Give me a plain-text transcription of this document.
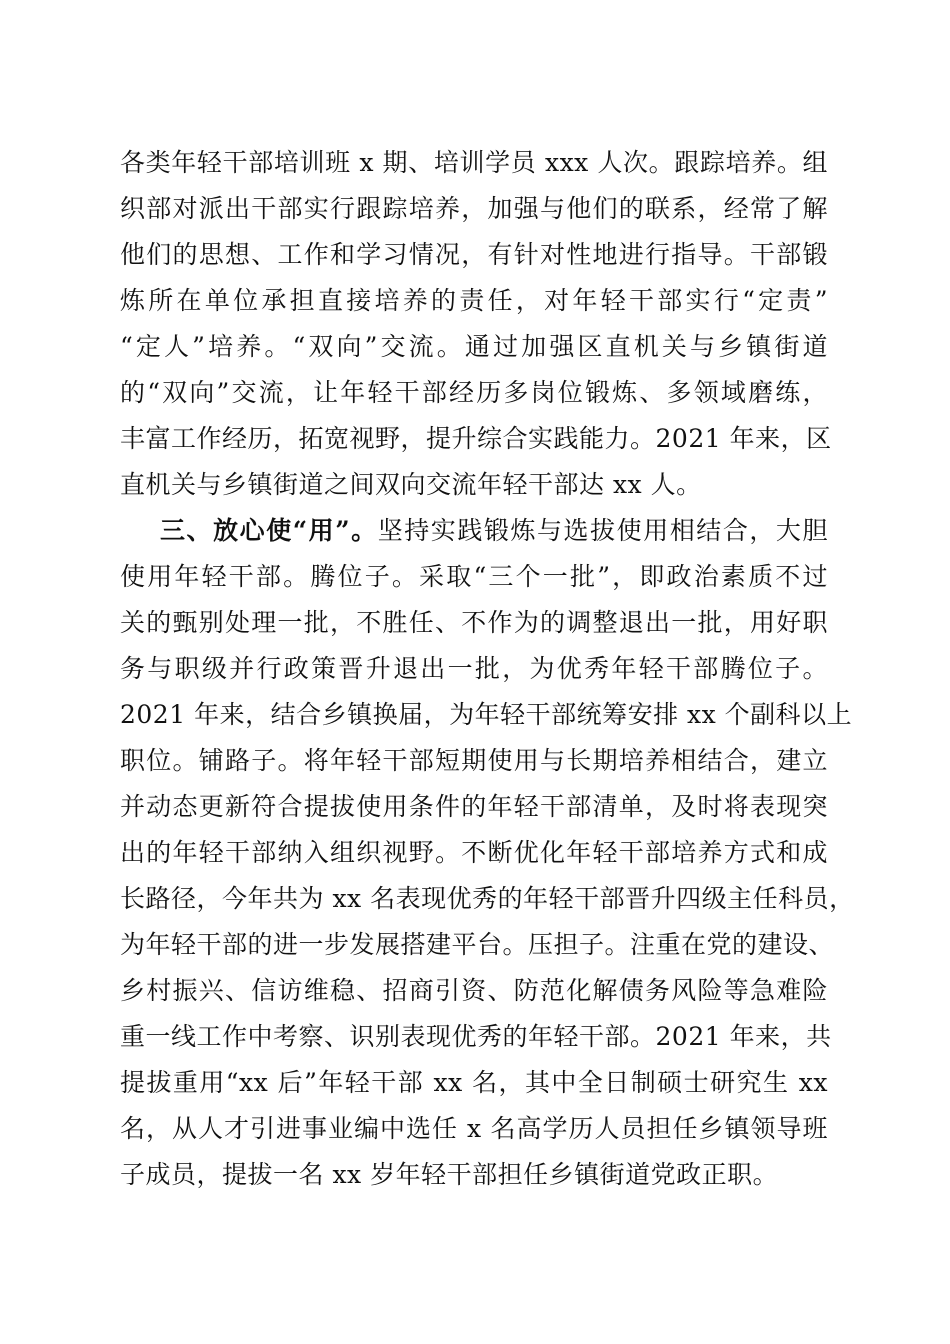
各类年轻干部培训班 x 期、培训学员 xxx 人次。跟踪培养。组
织部对派出干部实行跟踪培养，加强与他们的联系，经常了解
他们的思想、工作和学习情况，有针对性地进行指导。干部锻
炼所在单位承担直接培养的责任，对年轻干部实行“定责”
“定人”培养。“双向”交流。通过加强区直机关与乡镇街道
的“双向”交流，让年轻干部经历多岗位锻炼、多领域磨练，
丰富工作经历，拓宽视野，提升综合实践能力。2021 年来，区
直机关与乡镇街道之间双向交流年轻干部达 xx 人。
三、放心使“用”。坚持实践锻炼与选拔使用相结合，大胆
使用年轻干部。腾位子。采取“三个一批”，即政治素质不过
关的甄别处理一批，不胜任、不作为的调整退出一批，用好职
务与职级并行政策晋升退出一批，为优秀年轻干部腾位子。
2021 年来，结合乡镇换届，为年轻干部统筹安排 xx 个副科以上
职位。铺路子。将年轻干部短期使用与长期培养相结合，建立
并动态更新符合提拔使用条件的年轻干部清单，及时将表现突
出的年轻干部纳入组织视野。不断优化年轻干部培养方式和成
长路径，今年共为 xx 名表现优秀的年轻干部晋升四级主任科员，
为年轻干部的进一步发展搭建平台。压担子。注重在党的建设、
乡村振兴、信访维稳、招商引资、防范化解债务风险等急难险
重一线工作中考察、识别表现优秀的年轻干部。2021 年来，共
提拔重用“xx 后”年轻干部 xx 名，其中全日制硕士研究生 xx
名，从人才引进事业编中选任 x 名高学历人员担任乡镇领导班
子成员，提拔一名 xx 岁年轻干部担任乡镇街道党政正职。
